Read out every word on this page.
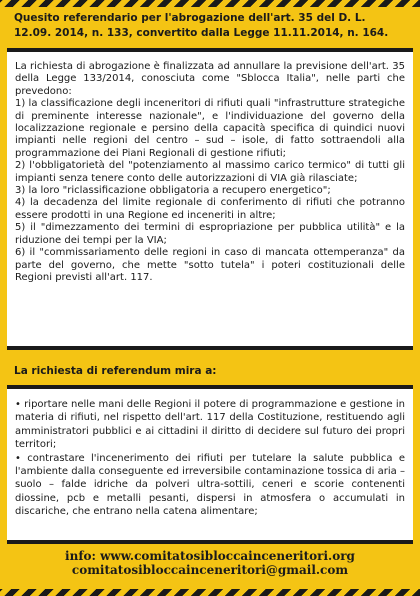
Quesito referendario per l'abrogazione dell'art. 35 del D. L. 12.09. 2014, n. 133, convertito dalla Legge 11.11.2014, n. 164.

La richiesta di abrogazione è finalizzata ad annullare la previsione dell'art. 35 della Legge 133/2014, conosciuta come "Sblocca Italia", nelle parti che prevedono:

1) la classificazione degli inceneritori di rifiuti quali "infrastrutture strategiche di preminente interesse nazionale", e l'individuazione del governo della localizzazione regionale e persino della capacità specifica di quindici nuovi impianti nelle regioni del centro – sud – isole, di fatto sottraendoli alla programmazione dei Piani Regionali di gestione rifiuti;

2) l'obbligatorietà del "potenziamento al massimo carico termico" di tutti gli impianti senza tenere conto delle autorizzazioni di VIA già rilasciate;

3) la loro "riclassificazione obbligatoria a recupero energetico";

4) la decadenza del limite regionale di conferimento di rifiuti che potranno essere prodotti in una Regione ed inceneriti in altre;

5) il "dimezzamento dei termini di espropriazione per pubblica utilità" e la riduzione dei tempi per la VIA;

6) il "commissariamento delle regioni in caso di mancata ottemperanza" da parte del governo, che mette "sotto tutela" i poteri costituzionali delle Regioni previsti all'art. 117.

La richiesta di referendum mira a:

• riportare nelle mani delle Regioni il potere di programmazione e gestione in materia di rifiuti, nel rispetto dell'art. 117 della Costituzione, restituendo agli amministratori pubblici e ai cittadini il diritto di decidere sul futuro dei propri territori;

• contrastare l'incenerimento dei rifiuti per tutelare la salute pubblica e l'ambiente dalla conseguente ed irreversibile contaminazione tossica di aria – suolo – falde idriche da polveri ultra-sottili, ceneri e scorie contenenti diossine, pcb e metalli pesanti, dispersi in atmosfera o accumulati in discariche, che entrano nella catena alimentare;

info: www.comitatosibloccainceneritori.org
comitatosibloccainceneritori@gmail.com
